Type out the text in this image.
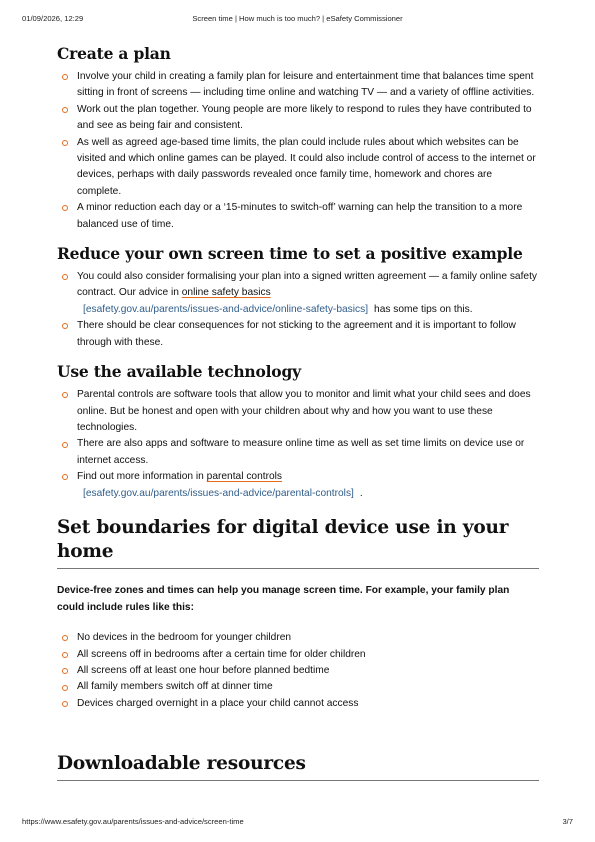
01/09/2026, 12:29	Screen time | How much is too much? | eSafety Commissioner
Create a plan
Involve your child in creating a family plan for leisure and entertainment time that balances time spent sitting in front of screens — including time online and watching TV — and a variety of offline activities.
Work out the plan together. Young people are more likely to respond to rules they have contributed to and see as being fair and consistent.
As well as agreed age-based time limits, the plan could include rules about which websites can be visited and which online games can be played. It could also include control of access to the internet or devices, perhaps with daily passwords revealed once family time, homework and chores are complete.
A minor reduction each day or a ‘15-minutes to switch-off’ warning can help the transition to a more balanced use of time.
Reduce your own screen time to set a positive example
You could also consider formalising your plan into a signed written agreement — a family online safety contract. Our advice in online safety basics
[esafety.gov.au/parents/issues-and-advice/online-safety-basics] has some tips on this.
There should be clear consequences for not sticking to the agreement and it is important to follow through with these.
Use the available technology
Parental controls are software tools that allow you to monitor and limit what your child sees and does online. But be honest and open with your children about why and how you want to use these technologies.
There are also apps and software to measure online time as well as set time limits on device use or internet access.
Find out more information in parental controls
[esafety.gov.au/parents/issues-and-advice/parental-controls] .
Set boundaries for digital device use in your home

Device-free zones and times can help you manage screen time. For example, your family plan could include rules like this:

No devices in the bedroom for younger children
All screens off in bedrooms after a certain time for older children
All screens off at least one hour before planned bedtime
All family members switch off at dinner time
Devices charged overnight in a place your child cannot access
Downloadable resources
https://www.esafety.gov.au/parents/issues-and-advice/screen-time	3/7
